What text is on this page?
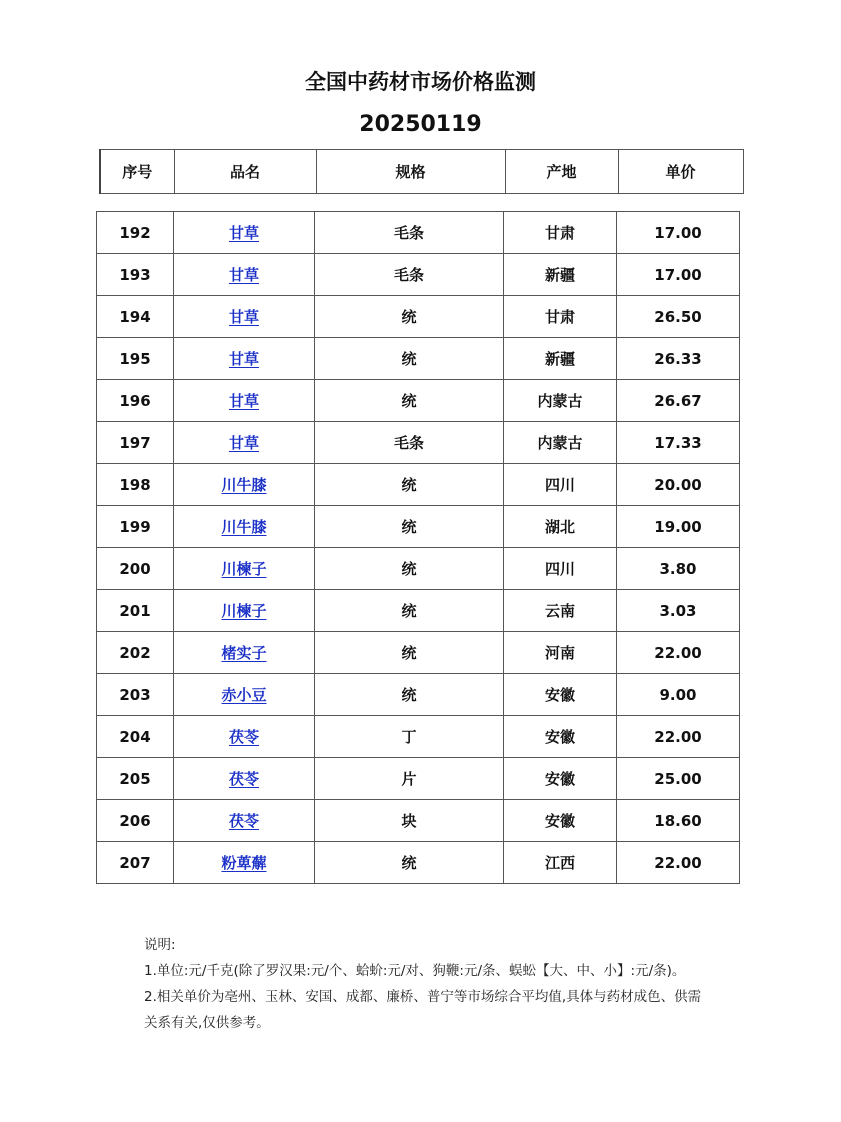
全国中药材市场价格监测
20250119
序号	品名	规格	产地	单价
192	甘草	毛条	甘肃	17.00
193	甘草	毛条	新疆	17.00
194	甘草	统	甘肃	26.50
195	甘草	统	新疆	26.33
196	甘草	统	内蒙古	26.67
197	甘草	毛条	内蒙古	17.33
198	川牛膝	统	四川	20.00
199	川牛膝	统	湖北	19.00
200	川楝子	统	四川	3.80
201	川楝子	统	云南	3.03
202	楮实子	统	河南	22.00
203	赤小豆	统	安徽	9.00
204	茯苓	丁	安徽	22.00
205	茯苓	片	安徽	25.00
206	茯苓	块	安徽	18.60
207	粉萆薢	统	江西	22.00
说明:
1.单位:元/千克(除了罗汉果:元/个、蛤蚧:元/对、狗鞭:元/条、蜈蚣【大、中、小】:元/条)。
2.相关单价为亳州、玉林、安国、成都、廉桥、普宁等市场综合平均值,具体与药材成色、供需关系有关,仅供参考。
